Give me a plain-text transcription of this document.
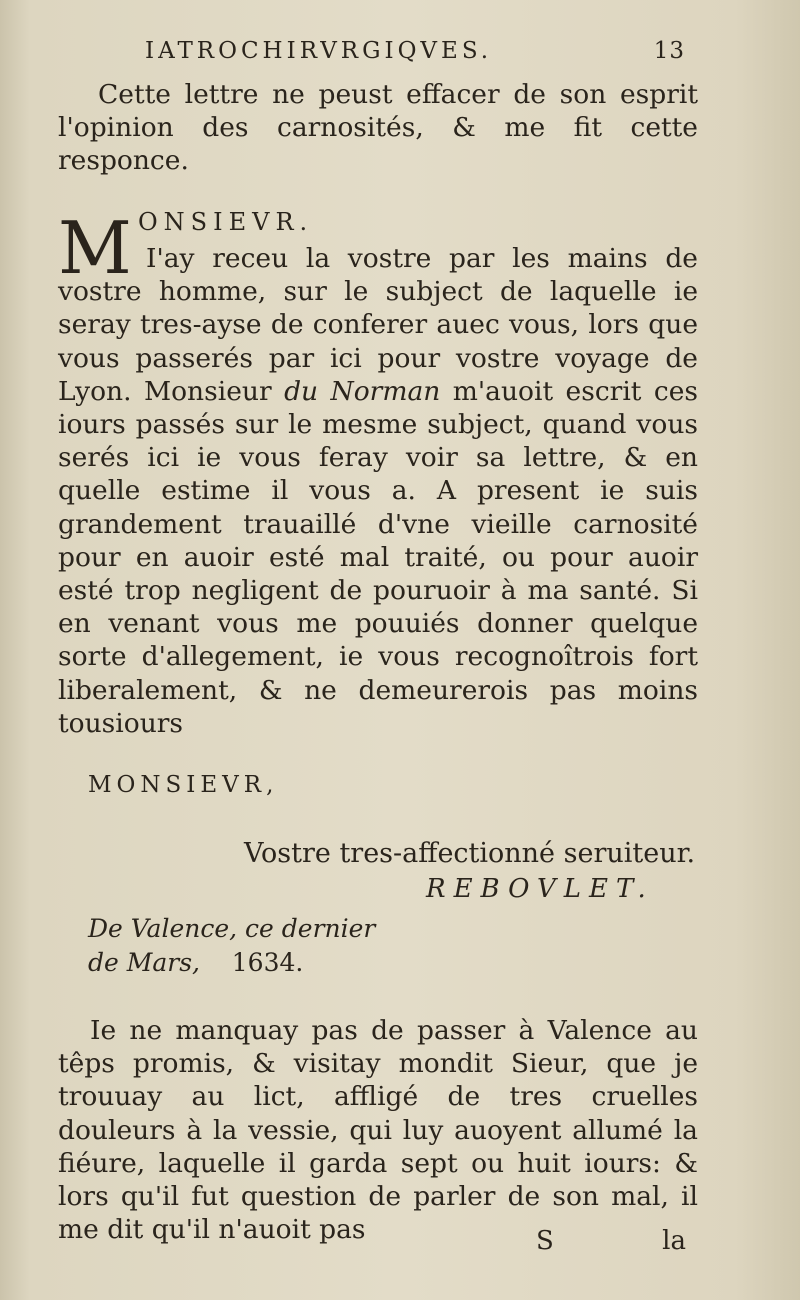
IATROCHIRVRGIQVES.	13

Cette lettre ne peust effacer de son esprit l'opinion des carnosités, & me fit cette responce.

M ONSIEVR.

I'ay receu la vostre par les mains de vostre homme, sur le subject de laquelle ie seray tres-ayse de conferer auec vous, lors que vous passerés par ici pour vostre voyage de Lyon. Monsieur du Norman m'auoit escrit ces iours passés sur le mesme subject, quand vous serés ici ie vous feray voir sa lettre, & en quelle estime il vous a. A present ie suis grandement trauaillé d'vne vieille carnosité pour en auoir esté mal traité, ou pour auoir esté trop negligent de pouruoir à ma santé. Si en venant vous me pouuiés donner quelque sorte d'allegement, ie vous recognoîtrois fort liberalement, & ne demeurerois pas moins tousiours

MONSIEVR,
Vostre tres-affectionné seruiteur.
REBOVLET.
De Valence, ce dernier
de Mars, 1634.

Ie ne manquay pas de passer à Valence au têps promis, & visitay mondit Sieur, que je trouuay au lict, affligé de tres cruelles douleurs à la vessie, qui luy auoyent allumé la fiéure, laquelle il garda sept ou huit iours: & lors qu'il fut question de parler de son mal, il me dit qu'il n'auoit pas	S	la
